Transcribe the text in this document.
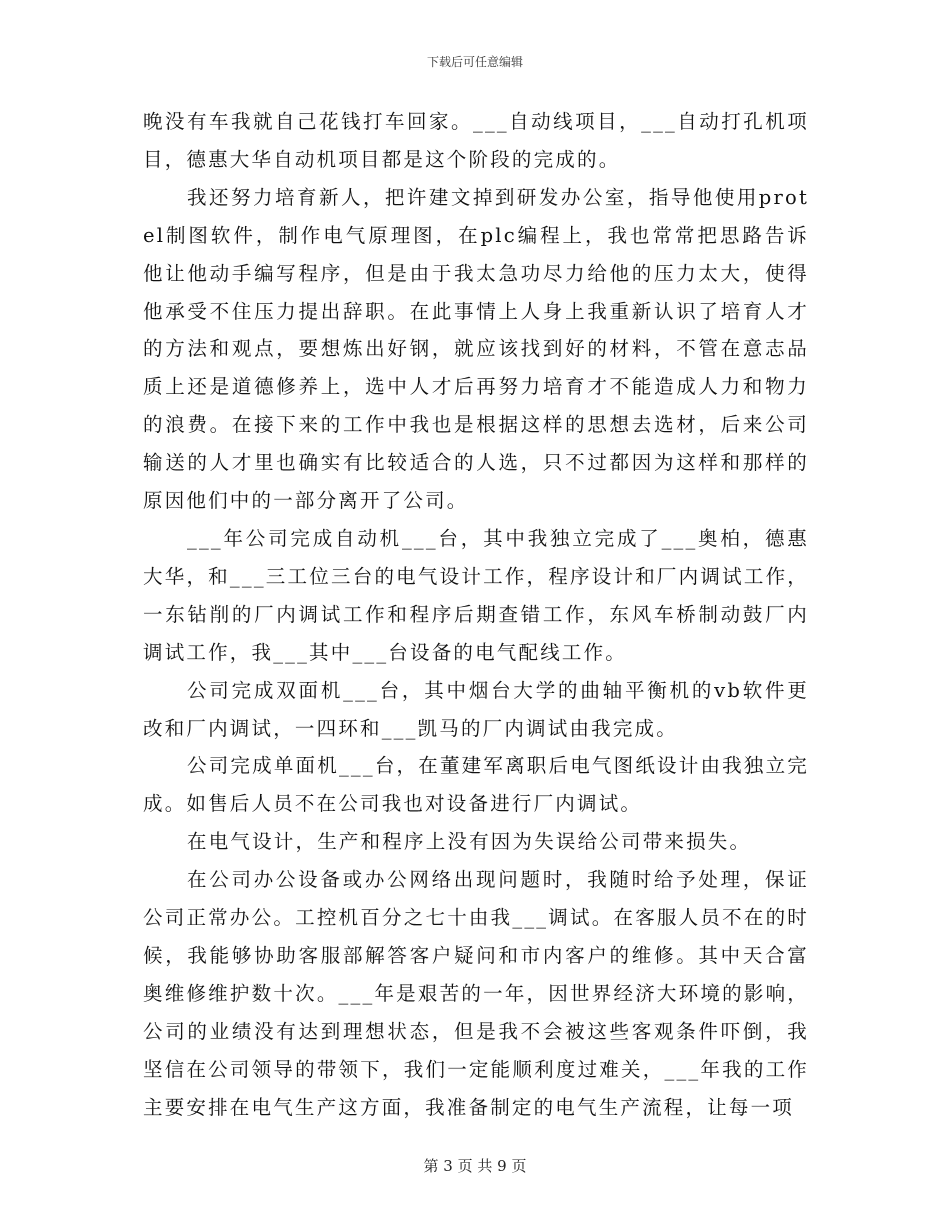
下载后可任意编辑

晚没有车我就自己花钱打车回家。___自动线项目，___自动打孔机项目，德惠大华自动机项目都是这个阶段的完成的。

我还努力培育新人，把许建文掉到研发办公室，指导他使用protel制图软件，制作电气原理图，在plc编程上，我也常常把思路告诉他让他动手编写程序，但是由于我太急功尽力给他的压力太大，使得他承受不住压力提出辞职。在此事情上人身上我重新认识了培育人才的方法和观点，要想炼出好钢，就应该找到好的材料，不管在意志品质上还是道德修养上，选中人才后再努力培育才不能造成人力和物力的浪费。在接下来的工作中我也是根据这样的思想去选材，后来公司输送的人才里也确实有比较适合的人选，只不过都因为这样和那样的原因他们中的一部分离开了公司。

___年公司完成自动机___台，其中我独立完成了___奥柏，德惠大华，和___三工位三台的电气设计工作，程序设计和厂内调试工作，一东钻削的厂内调试工作和程序后期查错工作，东风车桥制动鼓厂内调试工作，我___其中___台设备的电气配线工作。

公司完成双面机___台，其中烟台大学的曲轴平衡机的vb软件更改和厂内调试，一四环和___凯马的厂内调试由我完成。

公司完成单面机___台，在董建军离职后电气图纸设计由我独立完成。如售后人员不在公司我也对设备进行厂内调试。

在电气设计，生产和程序上没有因为失误给公司带来损失。

在公司办公设备或办公网络出现问题时，我随时给予处理，保证公司正常办公。工控机百分之七十由我___调试。在客服人员不在的时候，我能够协助客服部解答客户疑问和市内客户的维修。其中天合富奥维修维护数十次。___年是艰苦的一年，因世界经济大环境的影响，公司的业绩没有达到理想状态，但是我不会被这些客观条件吓倒，我坚信在公司领导的带领下，我们一定能顺利度过难关，___年我的工作主要安排在电气生产这方面，我准备制定的电气生产流程，让每一项

第 3 页 共 9 页
